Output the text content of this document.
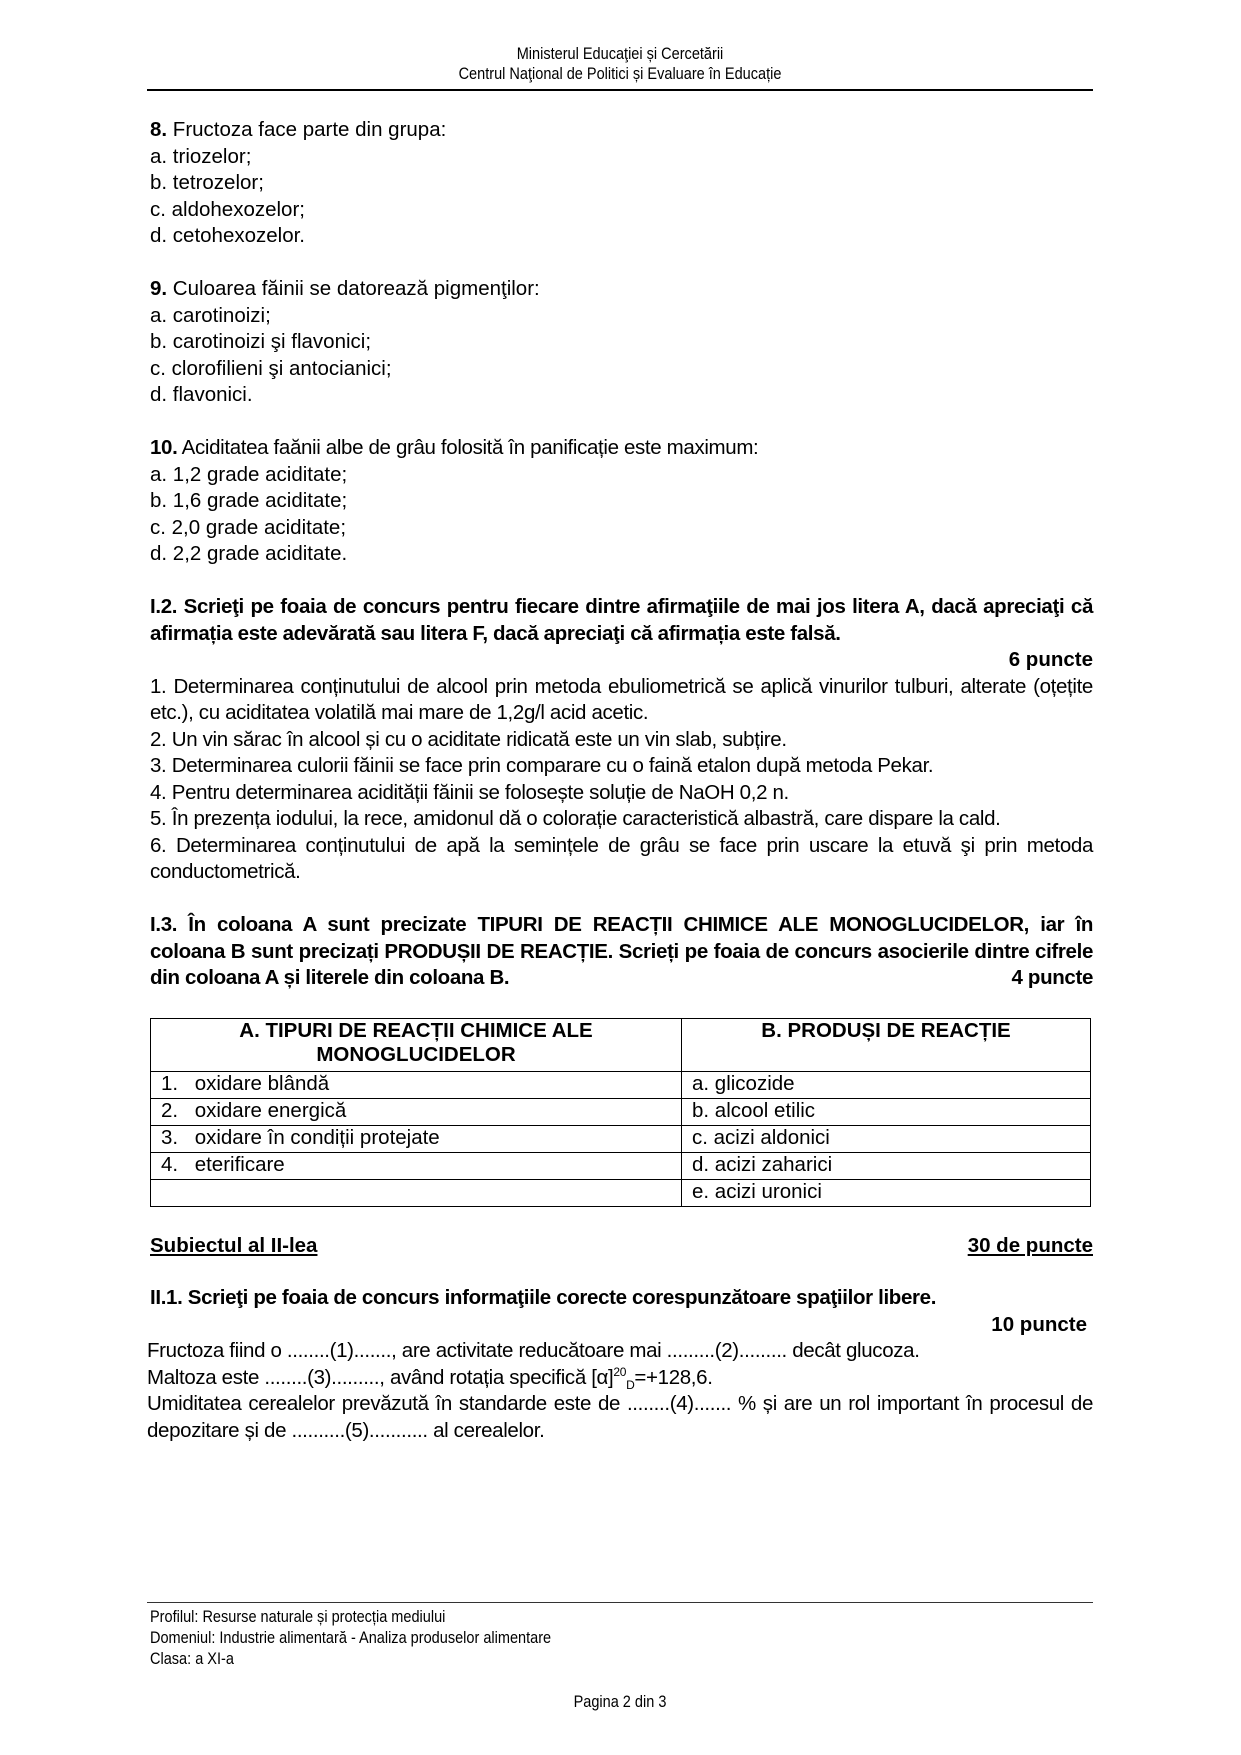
Ministerul Educaţiei și Cercetării
Centrul Naţional de Politici și Evaluare în Educație

8. Fructoza face parte din grupa:

a. triozelor;

b. tetrozelor;

c. aldohexozelor;

d. cetohexozelor.

9. Culoarea făinii se datorează pigmenţilor:

a. carotinoizi;

b. carotinoizi şi flavonici;

c. clorofilieni şi antocianici;

d. flavonici.

10. Aciditatea faănii albe de grâu folosită în panificație este maximum:

a. 1,2 grade aciditate;

b. 1,6 grade aciditate;

c. 2,0 grade aciditate;

d. 2,2 grade aciditate.

I.2. Scrieţi pe foaia de concurs pentru fiecare dintre afirmaţiile de mai jos litera A, dacă apreciaţi că afirmația este adevărată sau litera F, dacă apreciaţi că afirmația este falsă.

6 puncte

1. Determinarea conținutului de alcool prin metoda ebuliometrică se aplică vinurilor tulburi, alterate (oțețite etc.), cu aciditatea volatilă mai mare de 1,2g/l acid acetic.

2. Un vin sărac în alcool și cu o aciditate ridicată este un vin slab, subțire.

3. Determinarea culorii făinii se face prin comparare cu o faină etalon după metoda Pekar.

4. Pentru determinarea acidității făinii se folosește soluție de NaOH 0,2 n.

5. În prezența iodului, la rece, amidonul dă o colorație caracteristică albastră, care dispare la cald.

6. Determinarea conținutului de apă la semințele de grâu se face prin uscare la etuvă şi prin metoda conductometrică.

I.3. În coloana A sunt precizate TIPURI DE REACȚII CHIMICE ALE MONOGLUCIDELOR, iar în coloana B sunt precizați PRODUȘII DE REACȚIE. Scrieți pe foaia de concurs asocierile dintre cifrele din coloana A și literele din coloana B.	4 puncte

A. TIPURI DE REACȚII CHIMICE ALE MONOGLUCIDELOR	B. PRODUȘI DE REACȚIE
1. oxidare blândă	a. glicozide
2. oxidare energică	b. alcool etilic
3. oxidare în condiții protejate	c. acizi aldonici
4. eterificare	d. acizi zaharici
	e. acizi uronici
Subiectul al II-lea	30 de puncte

II.1. Scrieţi pe foaia de concurs informaţiile corecte corespunzătoare spaţiilor libere.

10 puncte

Fructoza fiind o ........(1)......., are activitate reducătoare mai .........(2)......... decât glucoza.

Maltoza este ........(3)........., având rotația specifică $[\alpha]^{20}_D=+128,6$.

Umiditatea cerealelor prevăzută în standarde este de ........(4)....... % și are un rol important în procesul de depozitare și de ..........(5)........... al cerealelor.

Profilul: Resurse naturale și protecția mediului
Domeniul: Industrie alimentară - Analiza produselor alimentare
Clasa: a XI-a
Pagina 2 din 3
